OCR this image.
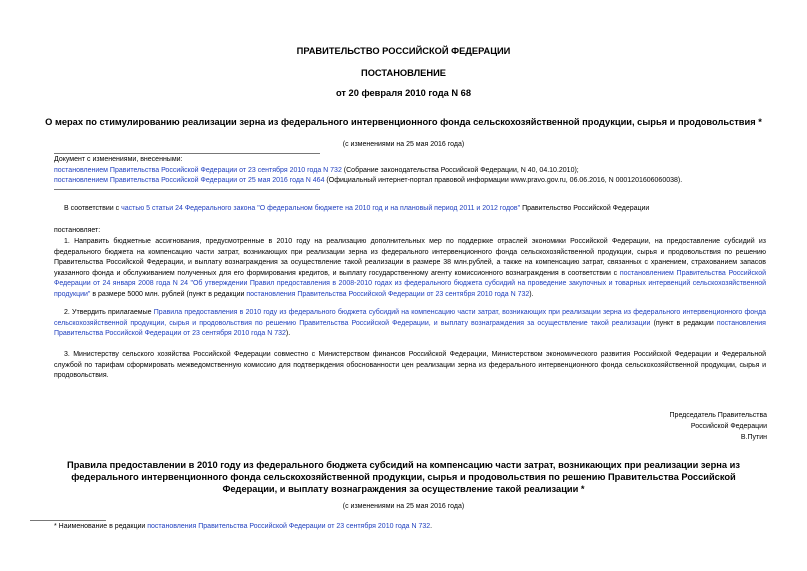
ПРАВИТЕЛЬСТВО РОССИЙСКОЙ ФЕДЕРАЦИИ
ПОСТАНОВЛЕНИЕ
от 20 февраля 2010 года N 68
О мерах по стимулированию реализации зерна из федерального интервенционного фонда сельскохозяйственной продукции, сырья и продовольствия *
(с изменениями на 25 мая 2016 года)
Документ с изменениями, внесенными:
постановлением Правительства Российской Федерации от 23 сентября 2010 года N 732 (Собрание законодательства Российской Федерации, N 40, 04.10.2010);
постановлением Правительства Российской Федерации от 25 мая 2016 года N 464 (Официальный интернет-портал правовой информации www.pravo.gov.ru, 06.06.2016, N 0001201606060038).
В соответствии с частью 5 статьи 24 Федерального закона "О федеральном бюджете на 2010 год и на плановый период 2011 и 2012 годов" Правительство Российской Федерации
постановляет:
1. Направить бюджетные ассигнования, предусмотренные в 2010 году на реализацию дополнительных мер по поддержке отраслей экономики Российской Федерации, на предоставление субсидий из федерального бюджета на компенсацию части затрат, возникающих при реализации зерна из федерального интервенционного фонда сельскохозяйственной продукции, сырья и продовольствия по решению Правительства Российской Федерации, и выплату вознаграждения за осуществление такой реализации в размере 38 млн.рублей, а также на компенсацию затрат, связанных с хранением, страхованием запасов указанного фонда и обслуживанием полученных для его формирования кредитов, и выплату государственному агенту комиссионного вознаграждения в соответствии с постановлением Правительства Российской Федерации от 24 января 2008 года N 24 "Об утверждении Правил предоставления в 2008-2010 годах из федерального бюджета субсидий на проведение закупочных и товарных интервенций сельскохозяйственной продукции" в размере 5000 млн. рублей (пункт в редакции постановления Правительства Российской Федерации от 23 сентября 2010 года N 732).
2. Утвердить прилагаемые Правила предоставления в 2010 году из федерального бюджета субсидий на компенсацию части затрат, возникающих при реализации зерна из федерального интервенционного фонда сельскохозяйственной продукции, сырья и продовольствия по решению Правительства Российской Федерации, и выплату вознаграждения за осуществление такой реализации (пункт в редакции постановления Правительства Российской Федерации от 23 сентября 2010 года N 732).
3. Министерству сельского хозяйства Российской Федерации совместно с Министерством финансов Российской Федерации, Министерством экономического развития Российской Федерации и Федеральной службой по тарифам сформировать межведомственную комиссию для подтверждения обоснованности цен реализации зерна из федерального интервенционного фонда сельскохозяйственной продукции, сырья и продовольствия.
Председатель Правительства
Российской Федерации
В.Путин
Правила предоставлении в 2010 году из федерального бюджета субсидий на компенсацию части затрат, возникающих при реализации зерна из федерального интервенционного фонда сельскохозяйственной продукции, сырья и продовольствия по решению Правительства Российской Федерации, и выплату вознаграждения за осуществление такой реализации *
(с изменениями на 25 мая 2016 года)
* Наименование в редакции постановления Правительства Российской Федерации от 23 сентября 2010 года N 732.
